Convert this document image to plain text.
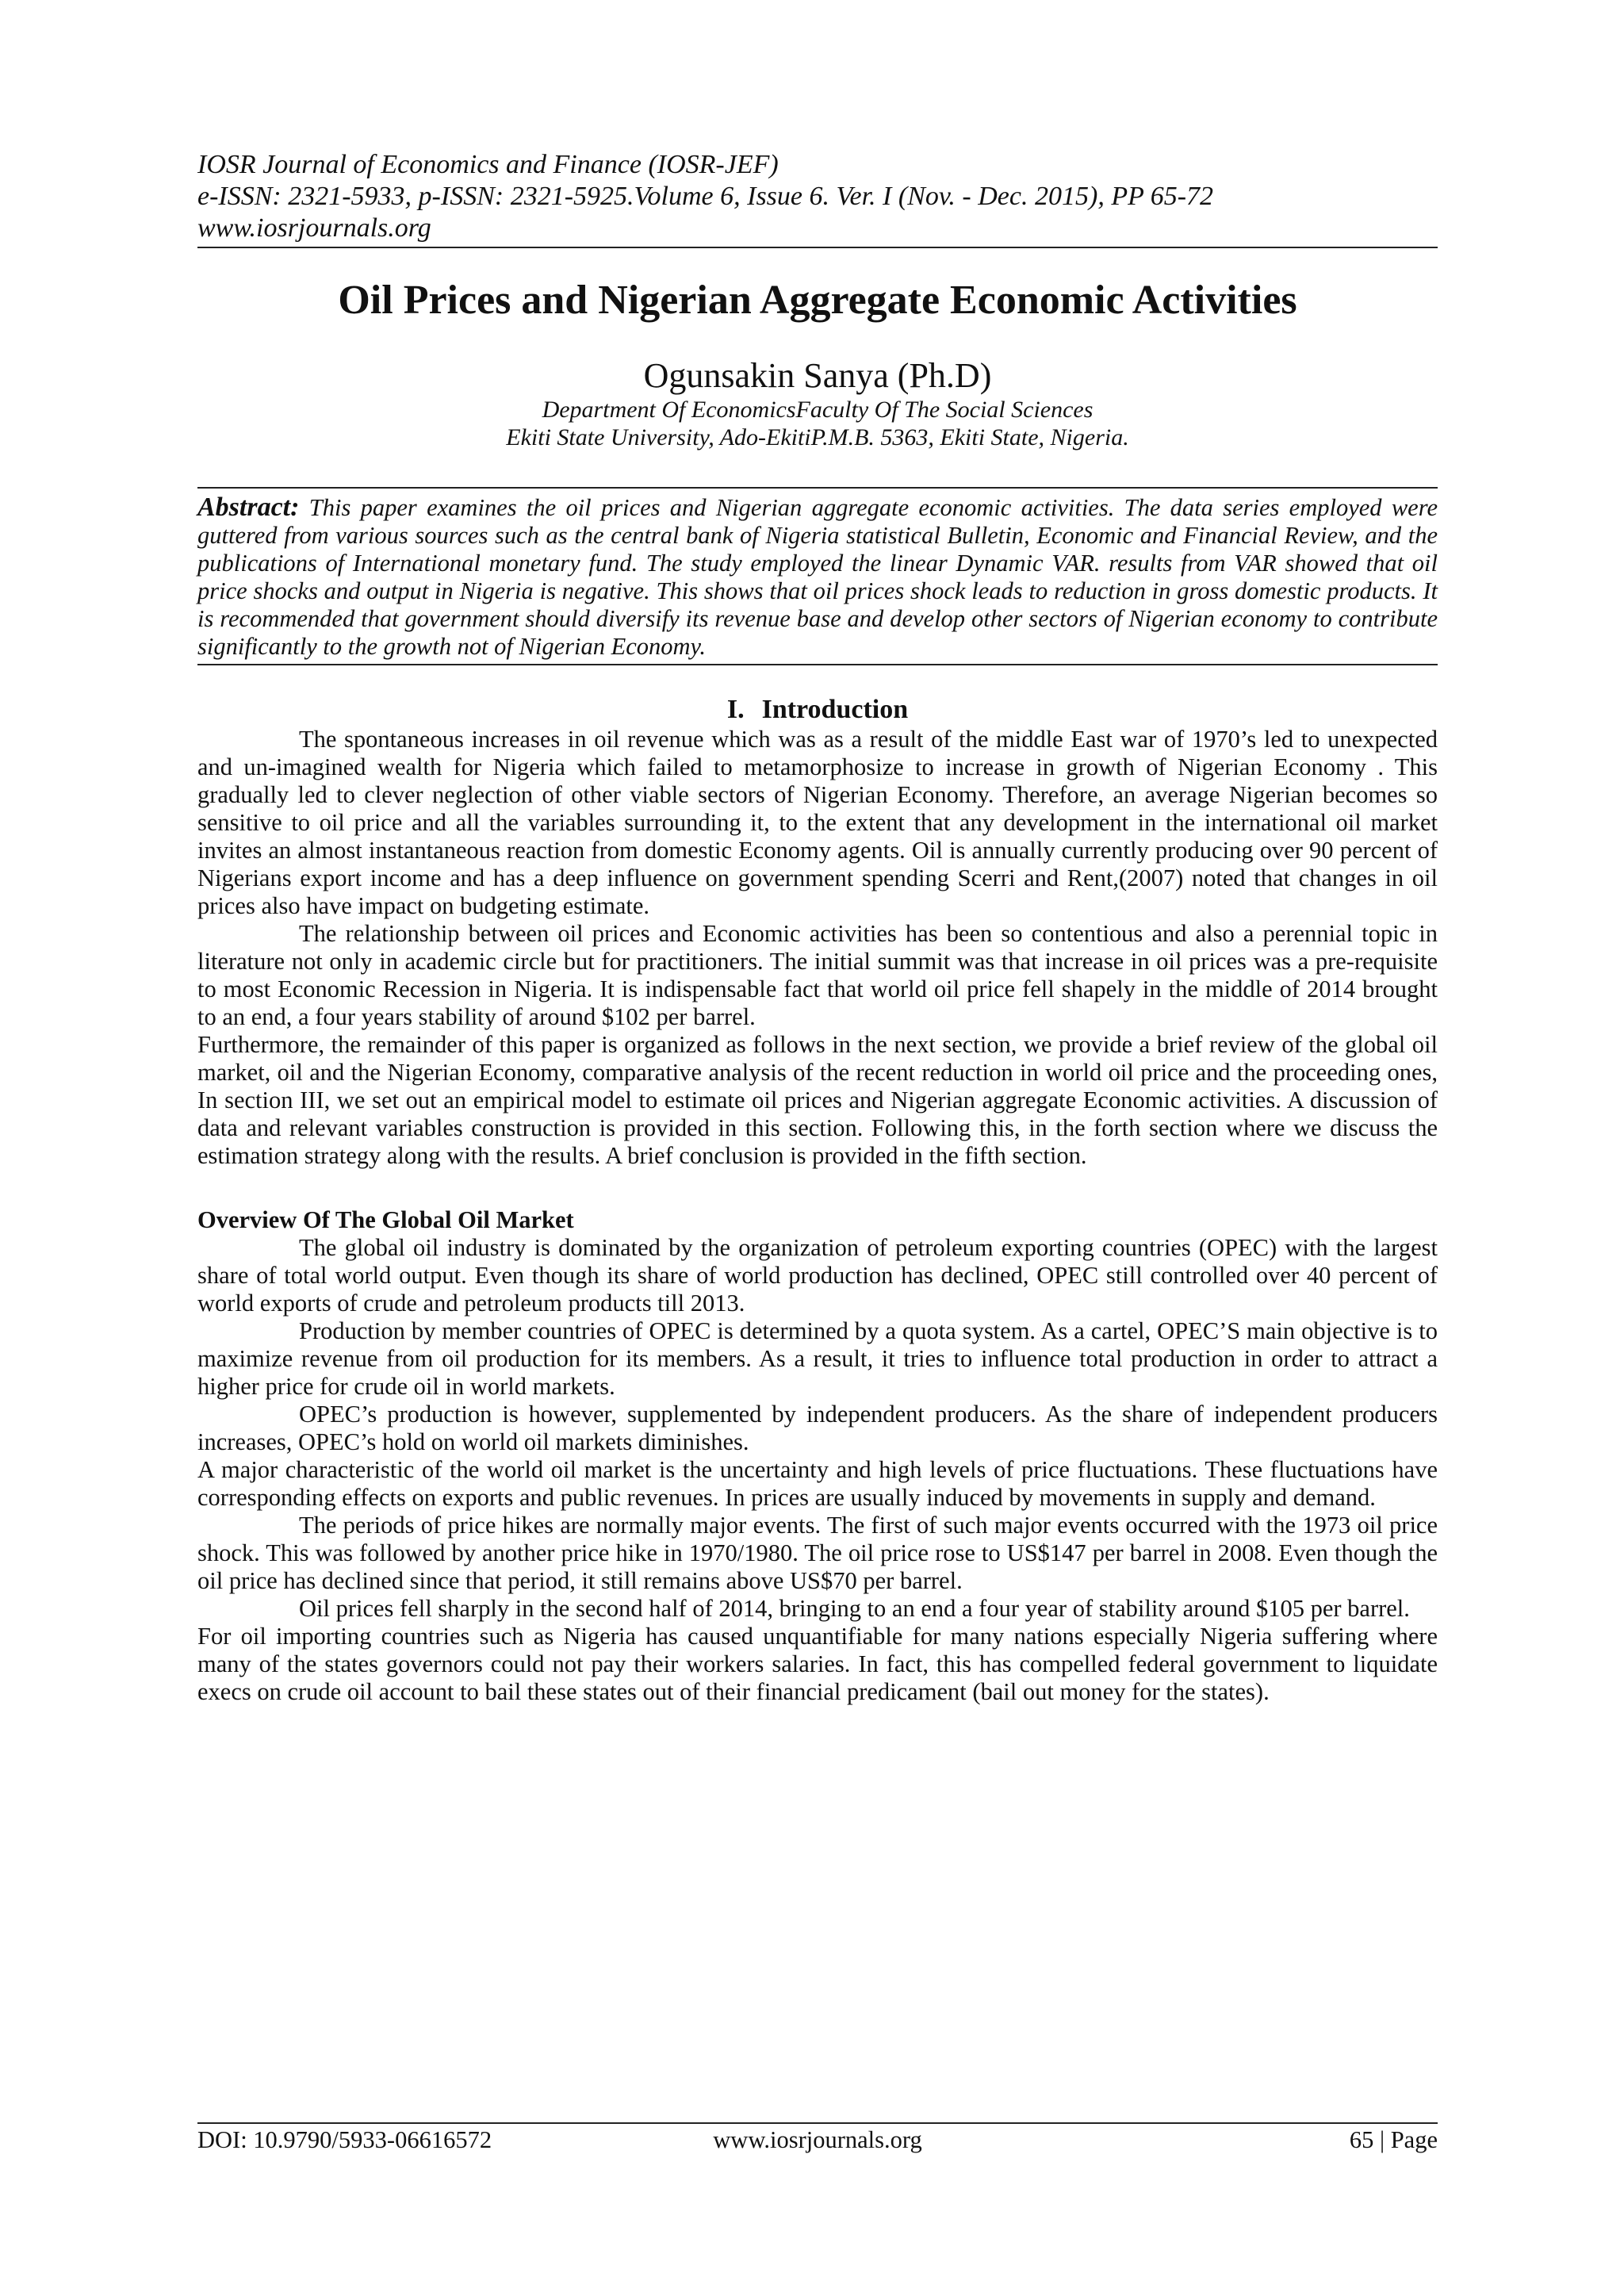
IOSR Journal of Economics and Finance (IOSR-JEF)
e-ISSN: 2321-5933, p-ISSN: 2321-5925.Volume 6, Issue 6. Ver. I (Nov. - Dec. 2015), PP 65-72
www.iosrjournals.org
Oil Prices and Nigerian Aggregate Economic Activities
Ogunsakin Sanya (Ph.D)
Department Of EconomicsFaculty Of The Social Sciences
Ekiti State University, Ado-EkitiP.M.B. 5363, Ekiti State, Nigeria.

Abstract: This paper examines the oil prices and Nigerian aggregate economic activities. The data series employed were guttered from various sources such as the central bank of Nigeria statistical Bulletin, Economic and Financial Review, and the publications of International monetary fund. The study employed the linear Dynamic VAR. results from VAR showed that oil price shocks and output in Nigeria is negative. This shows that oil prices shock leads to reduction in gross domestic products. It is recommended that government should diversify its revenue base and develop other sectors of Nigerian economy to contribute significantly to the growth not of Nigerian Economy.

I. Introduction

The spontaneous increases in oil revenue which was as a result of the middle East war of 1970’s led to unexpected and un-imagined wealth for Nigeria which failed to metamorphosize to increase in growth of Nigerian Economy . This gradually led to clever neglection of other viable sectors of Nigerian Economy. Therefore, an average Nigerian becomes so sensitive to oil price and all the variables surrounding it, to the extent that any development in the international oil market invites an almost instantaneous reaction from domestic Economy agents. Oil is annually currently producing over 90 percent of Nigerians export income and has a deep influence on government spending Scerri and Rent,(2007) noted that changes in oil prices also have impact on budgeting estimate.

The relationship between oil prices and Economic activities has been so contentious and also a perennial topic in literature not only in academic circle but for practitioners. The initial summit was that increase in oil prices was a pre-requisite to most Economic Recession in Nigeria. It is indispensable fact that world oil price fell shapely in the middle of 2014 brought to an end, a four years stability of around $102 per barrel.

Furthermore, the remainder of this paper is organized as follows in the next section, we provide a brief review of the global oil market, oil and the Nigerian Economy, comparative analysis of the recent reduction in world oil price and the proceeding ones, In section III, we set out an empirical model to estimate oil prices and Nigerian aggregate Economic activities. A discussion of data and relevant variables construction is provided in this section. Following this, in the forth section where we discuss the estimation strategy along with the results. A brief conclusion is provided in the fifth section.

Overview Of The Global Oil Market

The global oil industry is dominated by the organization of petroleum exporting countries (OPEC) with the largest share of total world output. Even though its share of world production has declined, OPEC still controlled over 40 percent of world exports of crude and petroleum products till 2013.

Production by member countries of OPEC is determined by a quota system. As a cartel, OPEC’S main objective is to maximize revenue from oil production for its members. As a result, it tries to influence total production in order to attract a higher price for crude oil in world markets.

OPEC’s production is however, supplemented by independent producers. As the share of independent producers increases, OPEC’s hold on world oil markets diminishes.

A major characteristic of the world oil market is the uncertainty and high levels of price fluctuations. These fluctuations have corresponding effects on exports and public revenues. In prices are usually induced by movements in supply and demand.

The periods of price hikes are normally major events. The first of such major events occurred with the 1973 oil price shock. This was followed by another price hike in 1970/1980. The oil price rose to US$147 per barrel in 2008. Even though the oil price has declined since that period, it still remains above US$70 per barrel.

Oil prices fell sharply in the second half of 2014, bringing to an end a four year of stability around $105 per barrel.

For oil importing countries such as Nigeria has caused unquantifiable for many nations especially Nigeria suffering where many of the states governors could not pay their workers salaries. In fact, this has compelled federal government to liquidate execs on crude oil account to bail these states out of their financial predicament (bail out money for the states).

DOI: 10.9790/5933-06616572	www.iosrjournals.org	65 | Page
